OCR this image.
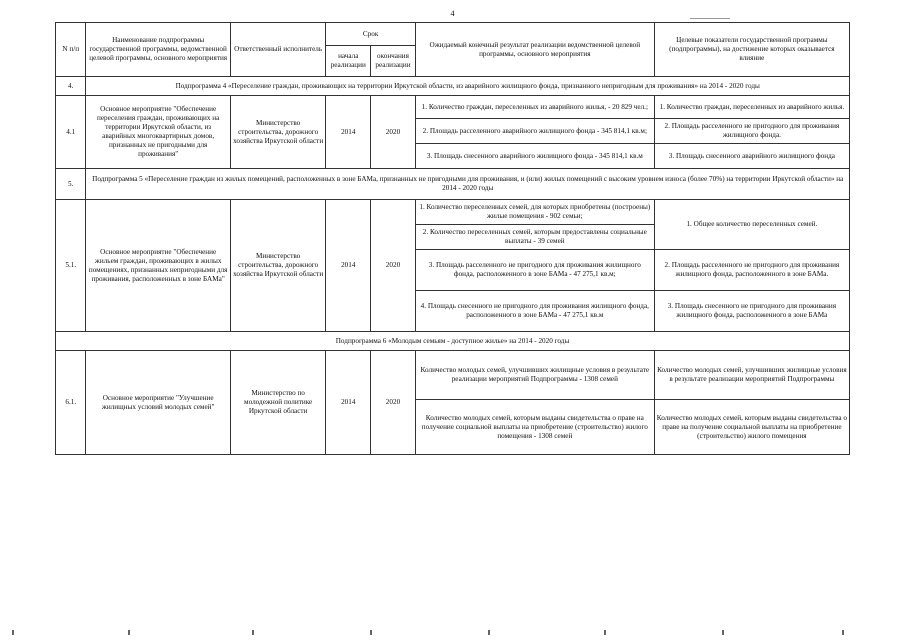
4
N п/п	Наименование подпрограммы государственной программы, ведомственной целевой программы, основного мероприятия	Ответственный исполнитель	Срок		Ожидаемый конечный результат реализации ведомственной целевой программы, основного мероприятия	Целевые показатели государственной программы (подпрограммы), на достижение которых оказывается влияние
			начала реализации	окончания реализации		
4.	Подпрограмма 4 «Переселение граждан, проживающих на территории Иркутской области, из аварийного жилищного фонда, признанного непригодным для проживания» на 2014 - 2020 годы					
4.1	Основное мероприятие "Обеспечение переселения граждан, проживающих на территории Иркутской области, из аварийных многоквартирных домов, признанных не пригодными для проживания"	Министерство строительства, дорожного хозяйства Иркутской области	2014	2020	1. Количество граждан, переселенных из аварийного жилья, - 20 829 чел.;	1. Количество граждан, переселенных из аварийного жилья.
					2. Площадь расселенного аварийного жилищного фонда - 345 814,1 кв.м;	2. Площадь расселенного не пригодного для проживания жилищного фонда.
					3. Площадь снесенного аварийного жилищного фонда - 345 814,1 кв.м	3. Площадь снесенного аварийного жилищного фонда
5.	Подпрограмма 5 «Переселение граждан из жилых помещений, расположенных в зоне БАМа, признанных не пригодными для проживания, и (или) жилых помещений с высоким уровнем износа (более 70%) на территории Иркутской области» на 2014 - 2020 годы					
5.1.	Основное мероприятие "Обеспечение жильем граждан, проживающих в жилых помещениях, признанных непригодными для проживания, расположенных в зоне БАМа"	Министерство строительства, дорожного хозяйства Иркутской области	2014	2020	1. Количество переселенных семей, для которых приобретены (построены) жилые помещения - 902 семьи;	1. Общее количество переселенных семей.
					2. Количество переселенных семей, которым предоставлены социальные выплаты - 39 семей	
					3. Площадь расселенного не пригодного для проживания жилищного фонда, расположенного в зоне БАМа - 47 275,1 кв.м;	2. Площадь расселенного не пригодного для проживания жилищного фонда, расположенного в зоне БАМа.
					4. Площадь снесенного не пригодного для проживания жилищного фонда, расположенного в зоне БАМа - 47 275,1 кв.м	3. Площадь снесенного не пригодного для проживания жилищного фонда, расположенного в зоне БАМа
Подпрограмма 6 «Молодым семьям - доступное жилье» на 2014 - 2020 годы						
6.1.	Основное мероприятие "Улучшение жилищных условий молодых семей"	Министерство по молодежной политике Иркутской области	2014	2020	Количество молодых семей, улучшивших жилищные условия в результате реализации мероприятий Подпрограммы - 1308 семей	Количество молодых семей, улучшивших жилищные условия в результате реализации мероприятий Подпрограммы
					Количество молодых семей, которым выданы свидетельства о праве на получение социальной выплаты на приобретение (строительство) жилого помещения - 1308 семей	Количество молодых семей, которым выданы свидетельства о праве на получение социальной выплаты на приобретение (строительство) жилого помещения
